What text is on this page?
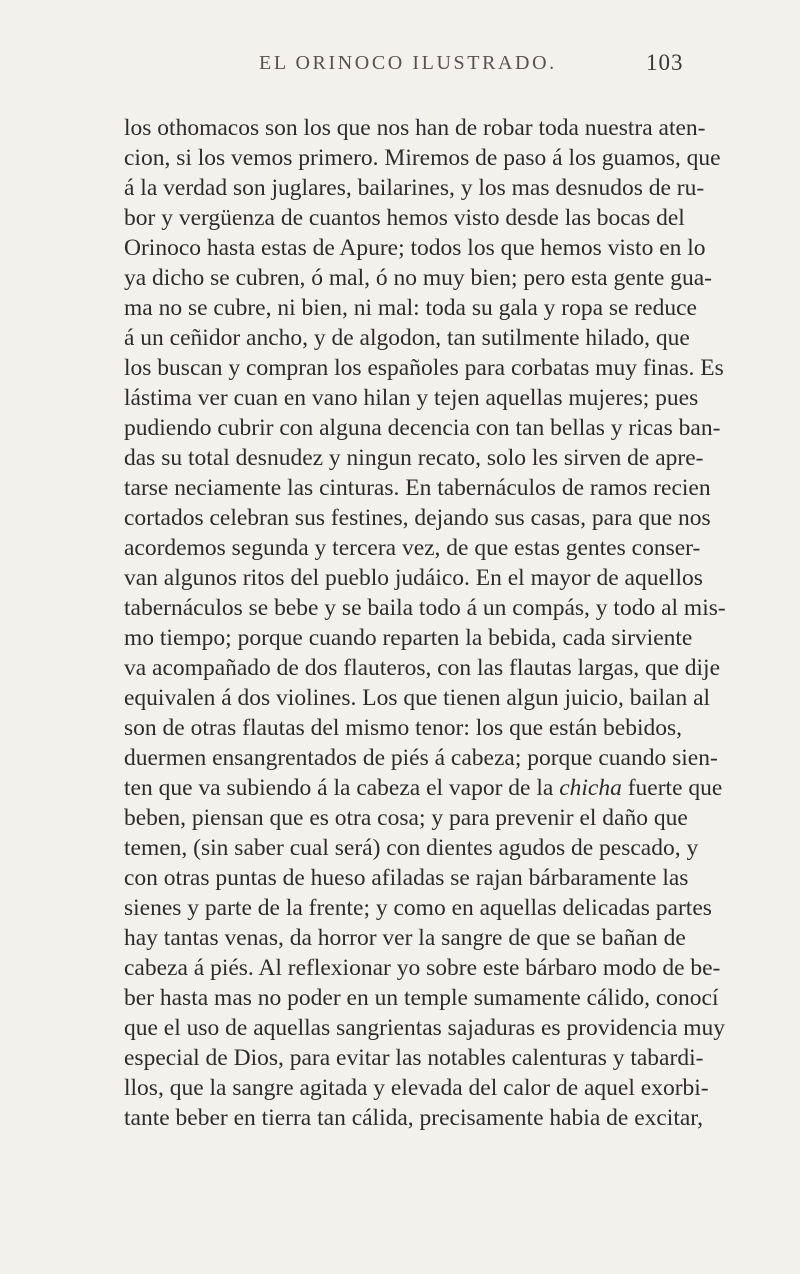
EL ORINOCO ILUSTRADO.	103
los othomacos son los que nos han de robar toda nuestra aten-
cion, si los vemos primero. Miremos de paso á los guamos, que
á la verdad son juglares, bailarines, y los mas desnudos de ru-
bor y vergüenza de cuantos hemos visto desde las bocas del
Orinoco hasta estas de Apure; todos los que hemos visto en lo
ya dicho se cubren, ó mal, ó no muy bien; pero esta gente gua-
ma no se cubre, ni bien, ni mal: toda su gala y ropa se reduce
á un ceñidor ancho, y de algodon, tan sutilmente hilado, que
los buscan y compran los españoles para corbatas muy finas. Es
lástima ver cuan en vano hilan y tejen aquellas mujeres; pues
pudiendo cubrir con alguna decencia con tan bellas y ricas ban-
das su total desnudez y ningun recato, solo les sirven de apre-
tarse neciamente las cinturas. En tabernáculos de ramos recien
cortados celebran sus festines, dejando sus casas, para que nos
acordemos segunda y tercera vez, de que estas gentes conser-
van algunos ritos del pueblo judáico. En el mayor de aquellos
tabernáculos se bebe y se baila todo á un compás, y todo al mis-
mo tiempo; porque cuando reparten la bebida, cada sirviente
va acompañado de dos flauteros, con las flautas largas, que dije
equivalen á dos violines. Los que tienen algun juicio, bailan al
son de otras flautas del mismo tenor: los que están bebidos,
duermen ensangrentados de piés á cabeza; porque cuando sien-
ten que va subiendo á la cabeza el vapor de la chicha fuerte que
beben, piensan que es otra cosa; y para prevenir el daño que
temen, (sin saber cual será) con dientes agudos de pescado, y
con otras puntas de hueso afiladas se rajan bárbaramente las
sienes y parte de la frente; y como en aquellas delicadas partes
hay tantas venas, da horror ver la sangre de que se bañan de
cabeza á piés. Al reflexionar yo sobre este bárbaro modo de be-
ber hasta mas no poder en un temple sumamente cálido, conocí
que el uso de aquellas sangrientas sajaduras es providencia muy
especial de Dios, para evitar las notables calenturas y tabardi-
llos, que la sangre agitada y elevada del calor de aquel exorbi-
tante beber en tierra tan cálida, precisamente habia de excitar,
